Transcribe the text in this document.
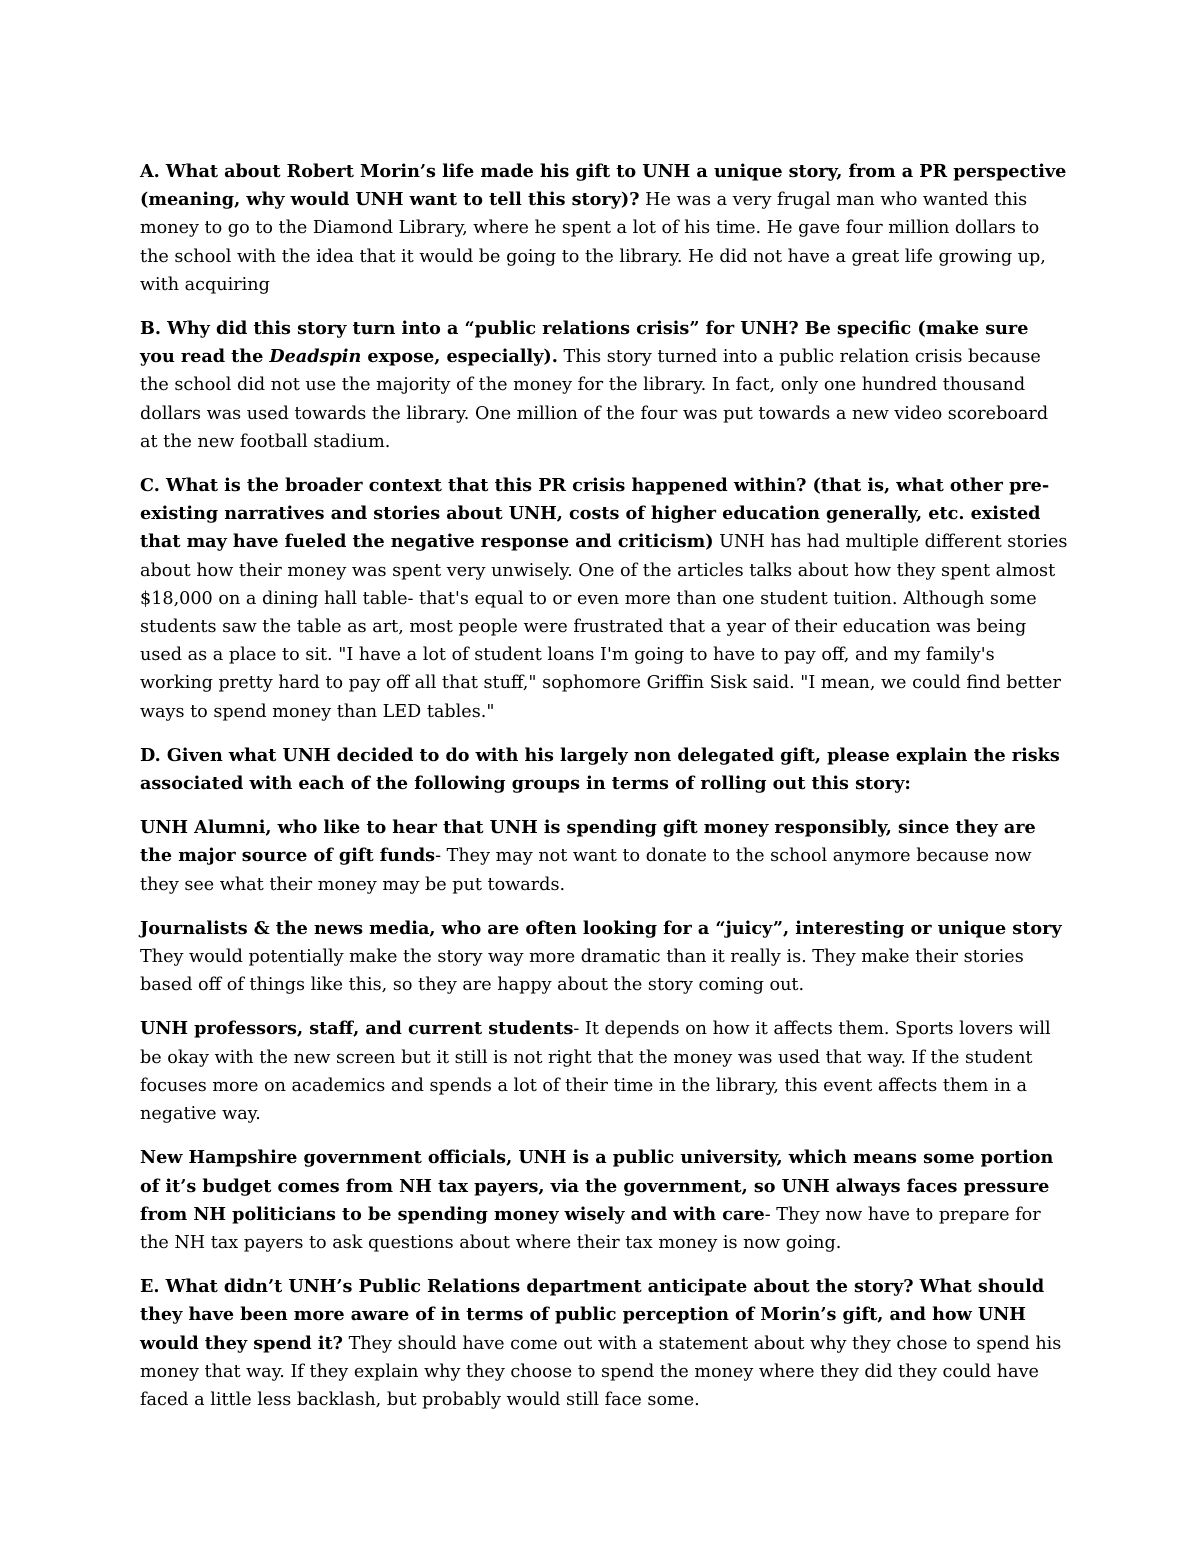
A. What about Robert Morin’s life made his gift to UNH a unique story, from a PR perspective (meaning, why would UNH want to tell this story)? He was a very frugal man who wanted this money to go to the Diamond Library, where he spent a lot of his time. He gave four million dollars to the school with the idea that it would be going to the library. He did not have a great life growing up, with acquiring

B. Why did this story turn into a “public relations crisis” for UNH? Be specific (make sure you read the Deadspin expose, especially). This story turned into a public relation crisis because the school did not use the majority of the money for the library. In fact, only one hundred thousand dollars was used towards the library. One million of the four was put towards a new video scoreboard at the new football stadium.

C. What is the broader context that this PR crisis happened within? (that is, what other pre-existing narratives and stories about UNH, costs of higher education generally, etc. existed that may have fueled the negative response and criticism) UNH has had multiple different stories about how their money was spent very unwisely. One of the articles talks about how they spent almost $18,000 on a dining hall table- that's equal to or even more than one student tuition. Although some students saw the table as art, most people were frustrated that a year of their education was being used as a place to sit. "I have a lot of student loans I'm going to have to pay off, and my family's working pretty hard to pay off all that stuff," sophomore Griffin Sisk said. "I mean, we could find better ways to spend money than LED tables."

D. Given what UNH decided to do with his largely non delegated gift, please explain the risks associated with each of the following groups in terms of rolling out this story:

UNH Alumni, who like to hear that UNH is spending gift money responsibly, since they are the major source of gift funds- They may not want to donate to the school anymore because now they see what their money may be put towards.

Journalists & the news media, who are often looking for a “juicy”, interesting or unique story They would potentially make the story way more dramatic than it really is. They make their stories based off of things like this, so they are happy about the story coming out.

UNH professors, staff, and current students- It depends on how it affects them. Sports lovers will be okay with the new screen but it still is not right that the money was used that way. If the student focuses more on academics and spends a lot of their time in the library, this event affects them in a negative way.

New Hampshire government officials, UNH is a public university, which means some portion of it’s budget comes from NH tax payers, via the government, so UNH always faces pressure from NH politicians to be spending money wisely and with care- They now have to prepare for the NH tax payers to ask questions about where their tax money is now going.

E. What didn’t UNH’s Public Relations department anticipate about the story? What should they have been more aware of in terms of public perception of Morin’s gift, and how UNH would they spend it? They should have come out with a statement about why they chose to spend his money that way. If they explain why they choose to spend the money where they did they could have faced a little less backlash, but probably would still face some.
